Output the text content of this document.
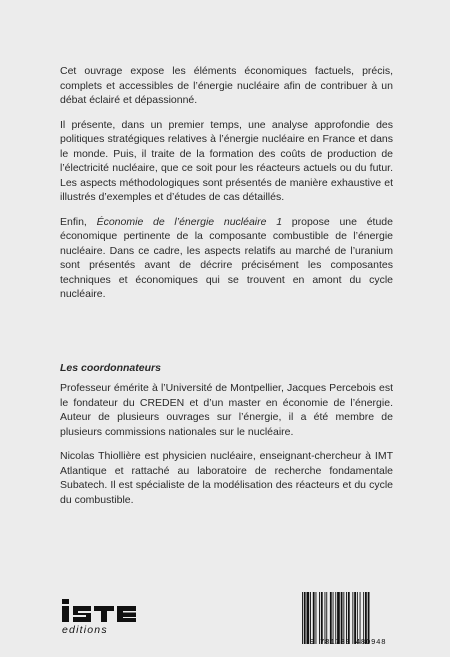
Cet ouvrage expose les éléments économiques factuels, précis, complets et accessibles de l’énergie nucléaire afin de contribuer à un débat éclairé et dépassionné.

Il présente, dans un premier temps, une analyse approfondie des politiques stratégiques relatives à l’énergie nucléaire en France et dans le monde. Puis, il traite de la formation des coûts de production de l’électricité nucléaire, que ce soit pour les réacteurs actuels ou du futur. Les aspects méthodologiques sont présentés de manière exhaustive et illustrés d’exemples et d’études de cas détaillés.

Enfin, Économie de l’énergie nucléaire 1 propose une étude économique pertinente de la composante combustible de l’énergie nucléaire. Dans ce cadre, les aspects relatifs au marché de l’uranium sont présentés avant de décrire précisément les composantes techniques et économiques qui se trouvent en amont du cycle nucléaire.

Les coordonnateurs

Professeur émérite à l’Université de Montpellier, Jacques Percebois est le fondateur du CREDEN et d’un master en économie de l’énergie. Auteur de plusieurs ouvrages sur l’énergie, il a été membre de plusieurs commissions nationales sur le nucléaire.

Nicolas Thiollière est physicien nucléaire, enseignant-chercheur à IMT Atlantique et rattaché au laboratoire de recherche fondamentale Subatech. Il est spécialiste de la modélisation des réacteurs et du cycle du combustible.

editions
9 781789 480948
